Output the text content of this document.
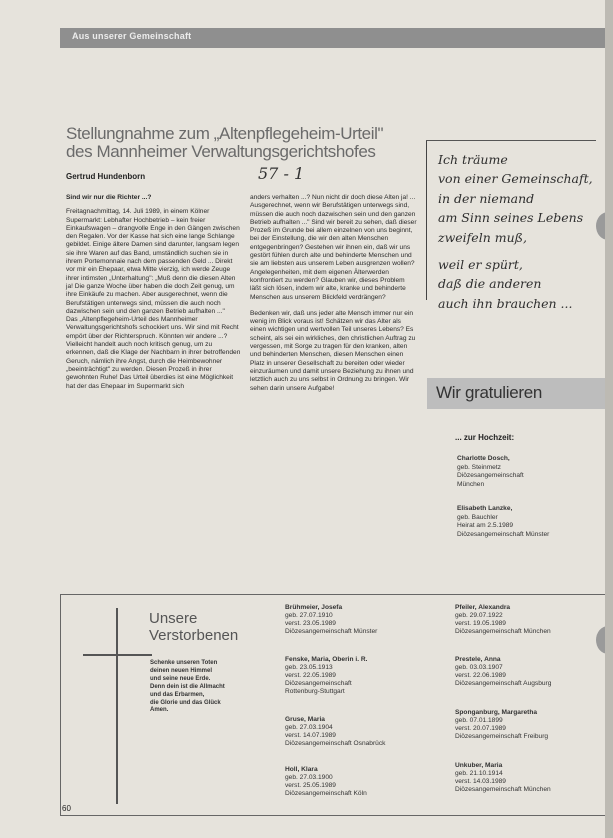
Aus unserer Gemeinschaft
Stellungnahme zum „Altenpflegeheim-Urteil"
des Mannheimer Verwaltungsgerichtshofes
Gertrud Hundenborn	57 - 1

Sind wir nur die Richter ...?

Freitagnachmittag, 14. Juli 1989, in einem Kölner Supermarkt: Lebhafter Hochbetrieb – kein freier Einkaufswagen – drangvolle Enge in den Gängen zwischen den Regalen. Vor der Kasse hat sich eine lange Schlange gebildet. Einige ältere Damen sind darunter, langsam legen sie ihre Waren auf das Band, umständlich suchen sie in ihrem Portemonnaie nach dem passenden Geld ... Direkt vor mir ein Ehepaar, etwa Mitte vierzig, ich werde Zeuge ihrer intimsten „Unterhaltung": „Muß denn die diesen Alten ja! Die ganze Woche über haben die doch Zeit genug, um ihre Einkäufe zu machen. Aber ausgerechnet, wenn die Berufstätigen unterwegs sind, müssen die auch noch dazwischen sein und den ganzen Betrieb aufhalten ..."

Das „Altenpflegeheim-Urteil des Mannheimer Verwaltungsgerichtshofs schockiert uns. Wir sind mit Recht empört über der Richterspruch. Könnten wir andere ...? Vielleicht handelt auch noch kritisch genug, um zu erkennen, daß die Klage der Nachbarn in ihrer betroffenden Geruch, nämlich ihre Angst, durch die Heimbewohner „beeinträchtigt" zu werden. Diesen Prozeß in ihrer gewohnten Ruhe! Das Urteil überdies ist eine Möglichkeit hat der das Ehepaar im Supermarkt sich

anders verhalten ...? Nun nicht dir doch diese Alten ja! ... Ausgerechnet, wenn wir Berufstätigen unterwegs sind, müssen die auch noch dazwischen sein und den ganzen Betrieb aufhalten ..." Sind wir bereit zu sehen, daß dieser Prozeß im Grunde bei allem einzelnen von uns beginnt, bei der Einstellung, die wir den alten Menschen entgegenbringen? Gestehen wir ihnen ein, daß wir uns gestört fühlen durch alte und behinderte Menschen und sie am liebsten aus unserem Leben ausgrenzen wollen? Angelegenheiten, mit dem eigenen Älterwerden konfrontiert zu werden? Glauben wir, dieses Problem läßt sich lösen, indem wir alte, kranke und behinderte Menschen aus unserem Blickfeld verdrängen?

Bedenken wir, daß uns jeder alte Mensch immer nur ein wenig im Blick voraus ist! Schätzen wir das Alter als einen wichtigen und wertvollen Teil unseres Lebens? Es scheint, als sei ein wirkliches, den christlichen Auftrag zu vergessen, mit Sorge zu tragen für den kranken, alten und behinderten Menschen, diesen Menschen einen Platz in unserer Gesellschaft zu bereiten oder wieder einzuräumen und damit unsere Beziehung zu ihnen und letztlich auch zu uns selbst in Ordnung zu bringen. Wir sehen darin unsere Aufgabe!

Ich träume
von einer Gemeinschaft,
in der niemand
am Sinn seines Lebens
zweifeln muß,
weil er spürt,
daß die anderen
auch ihn brauchen ...
Wir gratulieren
... zur Hochzeit:
Charlotte Dosch,
geb. Steinmetz
Diözesangemeinschaft
München
Elisabeth Lanzke,
geb. Bauchler
Heirat am 2.5.1989
Diözesangemeinschaft Münster
Unsere
Verstorbenen
Schenke unseren Toten
deinen neuen Himmel
und seine neue Erde.
Denn dein ist die Allmacht
und das Erbarmen,
die Glorie und das Glück
Amen.
Brühmeier, Josefa
geb. 27.07.1910
verst. 23.05.1989
Diözesangemeinschaft Münster
Fenske, Maria, Oberin i. R.
geb. 23.05.1913
verst. 22.05.1989
Diözesangemeinschaft
Rottenburg-Stuttgart
Gruse, Maria
geb. 27.03.1904
verst. 14.07.1989
Diözesangemeinschaft Osnabrück
Holl, Klara
geb. 27.03.1900
verst. 25.05.1989
Diözesangemeinschaft Köln
Pfeiler, Alexandra
geb. 29.07.1922
verst. 19.05.1989
Diözesangemeinschaft München
Prestele, Anna
geb. 03.03.1907
verst. 22.06.1989
Diözesangemeinschaft Augsburg
Sponganburg, Margaretha
geb. 07.01.1899
verst. 20.07.1989
Diözesangemeinschaft Freiburg
Unkuber, Maria
geb. 21.10.1914
verst. 14.03.1989
Diözesangemeinschaft München
60
